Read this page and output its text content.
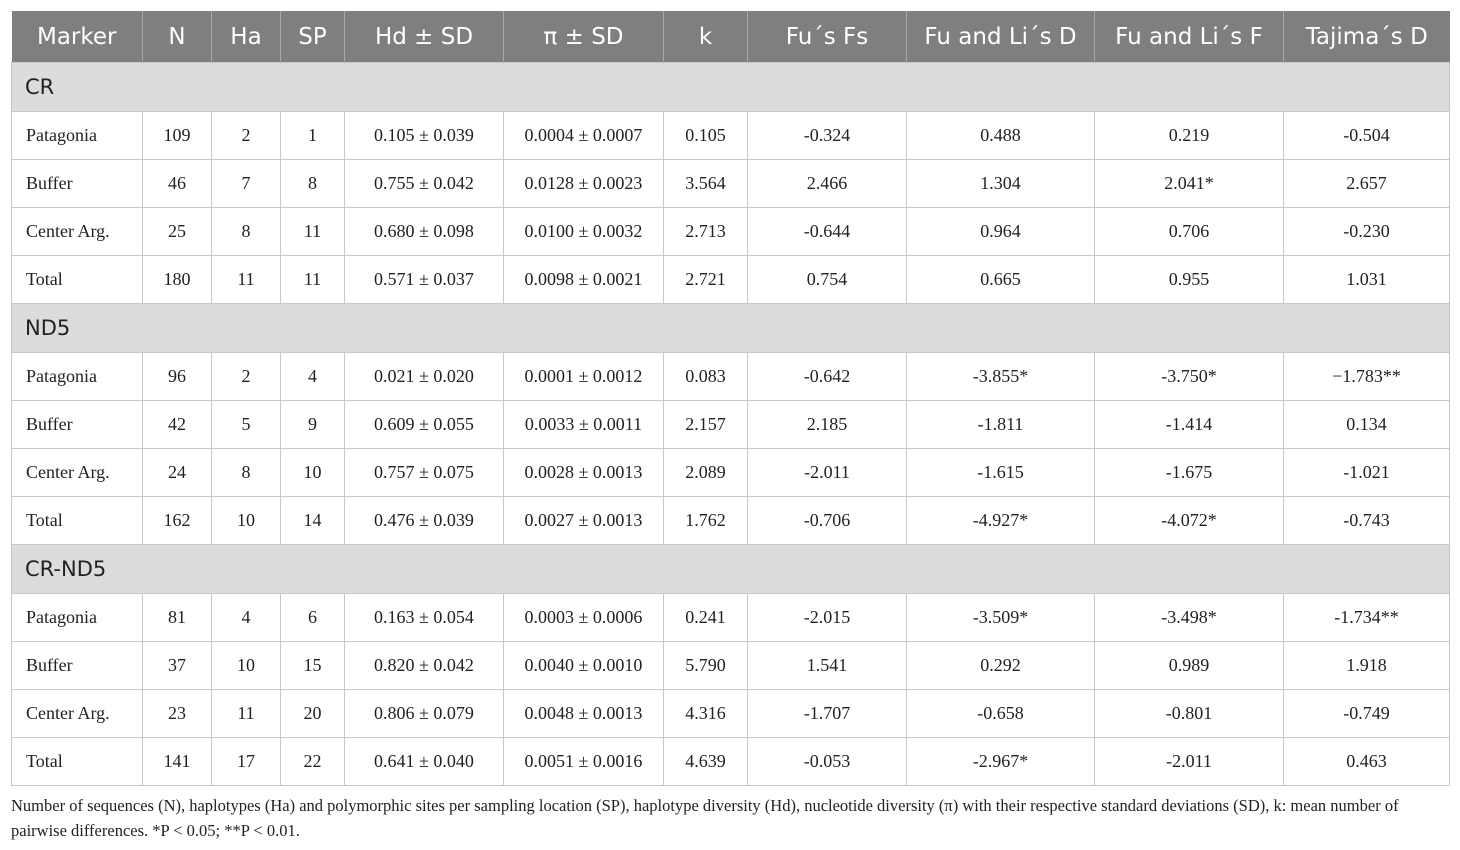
Marker	N	Ha	SP	Hd ± SD	π ± SD	k	Fu´s Fs	Fu and Li´s D	Fu and Li´s F	Tajima´s D
CR										
Patagonia	109	2	1	0.105 ± 0.039	0.0004 ± 0.0007	0.105	-0.324	0.488	0.219	-0.504
Buffer	46	7	8	0.755 ± 0.042	0.0128 ± 0.0023	3.564	2.466	1.304	2.041*	2.657
Center Arg.	25	8	11	0.680 ± 0.098	0.0100 ± 0.0032	2.713	-0.644	0.964	0.706	-0.230
Total	180	11	11	0.571 ± 0.037	0.0098 ± 0.0021	2.721	0.754	0.665	0.955	1.031
ND5										
Patagonia	96	2	4	0.021 ± 0.020	0.0001 ± 0.0012	0.083	-0.642	-3.855*	-3.750*	−1.783**
Buffer	42	5	9	0.609 ± 0.055	0.0033 ± 0.0011	2.157	2.185	-1.811	-1.414	0.134
Center Arg.	24	8	10	0.757 ± 0.075	0.0028 ± 0.0013	2.089	-2.011	-1.615	-1.675	-1.021
Total	162	10	14	0.476 ± 0.039	0.0027 ± 0.0013	1.762	-0.706	-4.927*	-4.072*	-0.743
CR-ND5										
Patagonia	81	4	6	0.163 ± 0.054	0.0003 ± 0.0006	0.241	-2.015	-3.509*	-3.498*	-1.734**
Buffer	37	10	15	0.820 ± 0.042	0.0040 ± 0.0010	5.790	1.541	0.292	0.989	1.918
Center Arg.	23	11	20	0.806 ± 0.079	0.0048 ± 0.0013	4.316	-1.707	-0.658	-0.801	-0.749
Total	141	17	22	0.641 ± 0.040	0.0051 ± 0.0016	4.639	-0.053	-2.967*	-2.011	0.463
Number of sequences (N), haplotypes (Ha) and polymorphic sites per sampling location (SP), haplotype diversity (Hd), nucleotide diversity (π) with their respective standard deviations (SD), k: mean number of pairwise differences. *P < 0.05; **P < 0.01.
